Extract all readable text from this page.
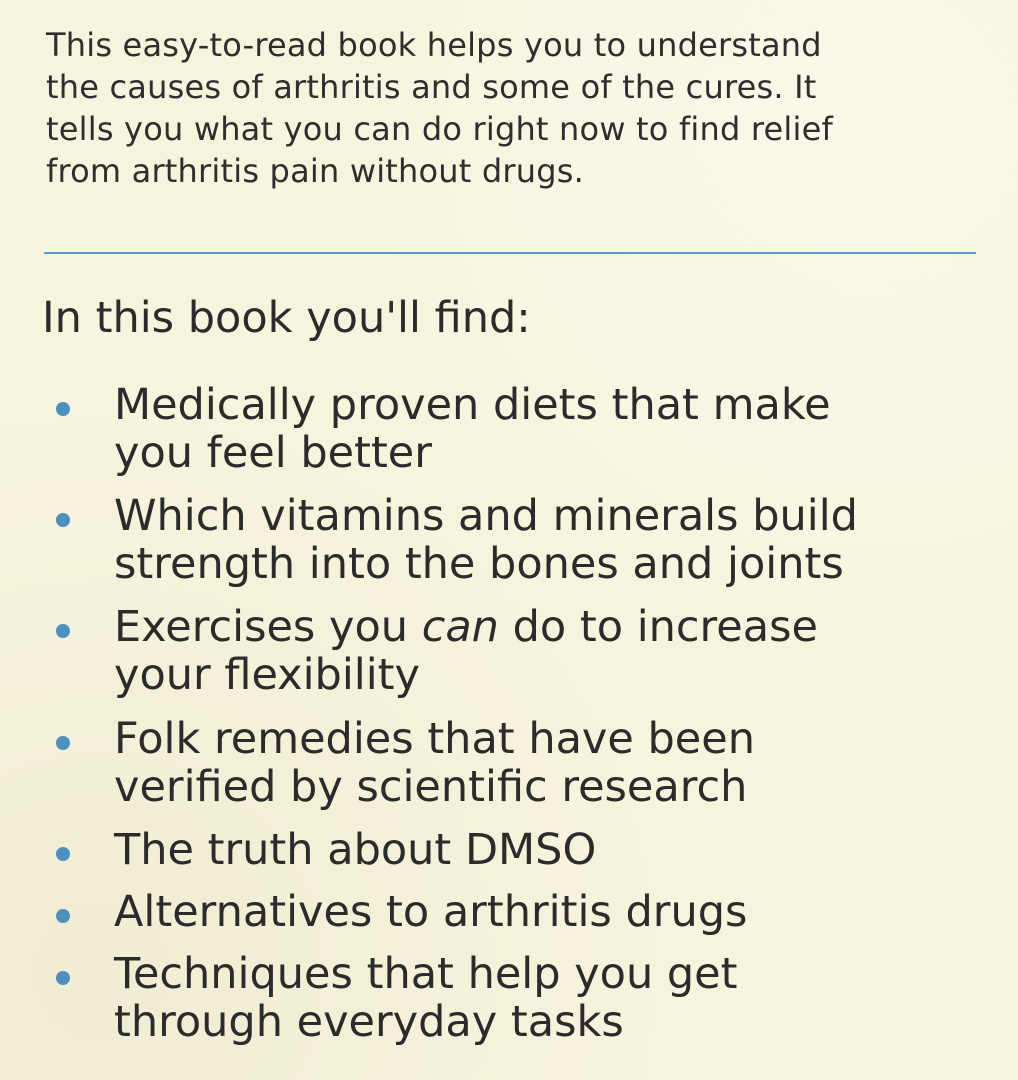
This easy-to-read book helps you to understand
the causes of arthritis and some of the cures. It
tells you what you can do right now to find relief
from arthritis pain without drugs.

In this book you'll find:
Medically proven diets that make
you feel better
Which vitamins and minerals build
strength into the bones and joints
Exercises you can do to increase
your flexibility
Folk remedies that have been
verified by scientific research
The truth about DMSO
Alternatives to arthritis drugs
Techniques that help you get
through everyday tasks
